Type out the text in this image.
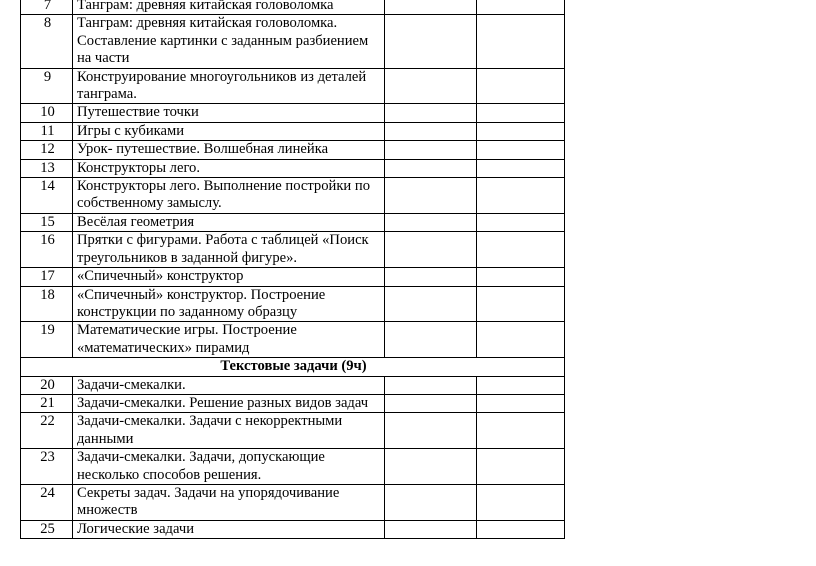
7	Танграм: древняя китайская головоломка		
8	Танграм: древняя китайская головоломка. Составление картинки с заданным разбиением на части		
9	Конструирование многоугольников из деталей танграма.		
10	Путешествие точки		
11	Игры с кубиками		
12	Урок- путешествие. Волшебная линейка		
13	Конструкторы лего.		
14	Конструкторы лего. Выполнение постройки по собственному замыслу.		
15	Весёлая геометрия		
16	Прятки с фигурами. Работа с таблицей «Поиск треугольников в заданной фигуре».		
17	«Спичечный» конструктор		
18	«Спичечный» конструктор. Построение конструкции по заданному образцу		
19	Математические игры. Построение «математических» пирамид		
Текстовые задачи (9ч)			
20	Задачи-смекалки.		
21	Задачи-смекалки. Решение разных видов задач		
22	Задачи-смекалки. Задачи с некорректными данными		
23	Задачи-смекалки. Задачи, допускающие несколько способов решения.		
24	Секреты задач. Задачи на упорядочивание множеств		
25	Логические задачи		
